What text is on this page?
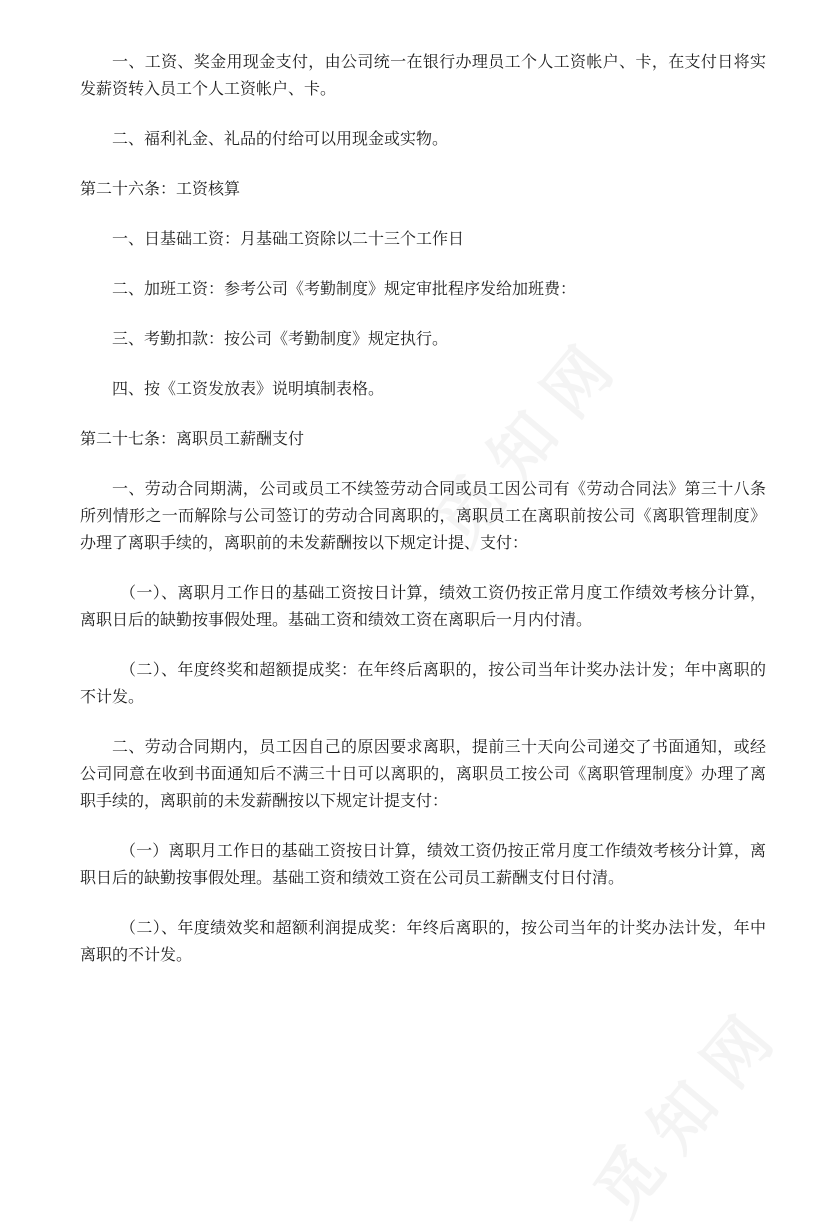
一、工资、奖金用现金支付，由公司统一在银行办理员工个人工资帐户、卡，在支付日将实发薪资转入员工个人工资帐户、卡。

二、福利礼金、礼品的付给可以用现金或实物。

第二十六条：工资核算

一、日基础工资：月基础工资除以二十三个工作日

二、加班工资：参考公司《考勤制度》规定审批程序发给加班费：

三、考勤扣款：按公司《考勤制度》规定执行。

四、按《工资发放表》说明填制表格。

第二十七条：离职员工薪酬支付

一、劳动合同期满，公司或员工不续签劳动合同或员工因公司有《劳动合同法》第三十八条所列情形之一而解除与公司签订的劳动合同离职的，离职员工在离职前按公司《离职管理制度》办理了离职手续的，离职前的未发薪酬按以下规定计提、支付：

（一）、离职月工作日的基础工资按日计算，绩效工资仍按正常月度工作绩效考核分计算，离职日后的缺勤按事假处理。基础工资和绩效工资在离职后一月内付清。

（二）、年度终奖和超额提成奖：在年终后离职的，按公司当年计奖办法计发；年中离职的不计发。

二、劳动合同期内，员工因自己的原因要求离职，提前三十天向公司递交了书面通知，或经公司同意在收到书面通知后不满三十日可以离职的，离职员工按公司《离职管理制度》办理了离职手续的，离职前的未发薪酬按以下规定计提支付：

（一）离职月工作日的基础工资按日计算，绩效工资仍按正常月度工作绩效考核分计算，离职日后的缺勤按事假处理。基础工资和绩效工资在公司员工薪酬支付日付清。

（二）、年度绩效奖和超额利润提成奖：年终后离职的，按公司当年的计奖办法计发，年中离职的不计发。
